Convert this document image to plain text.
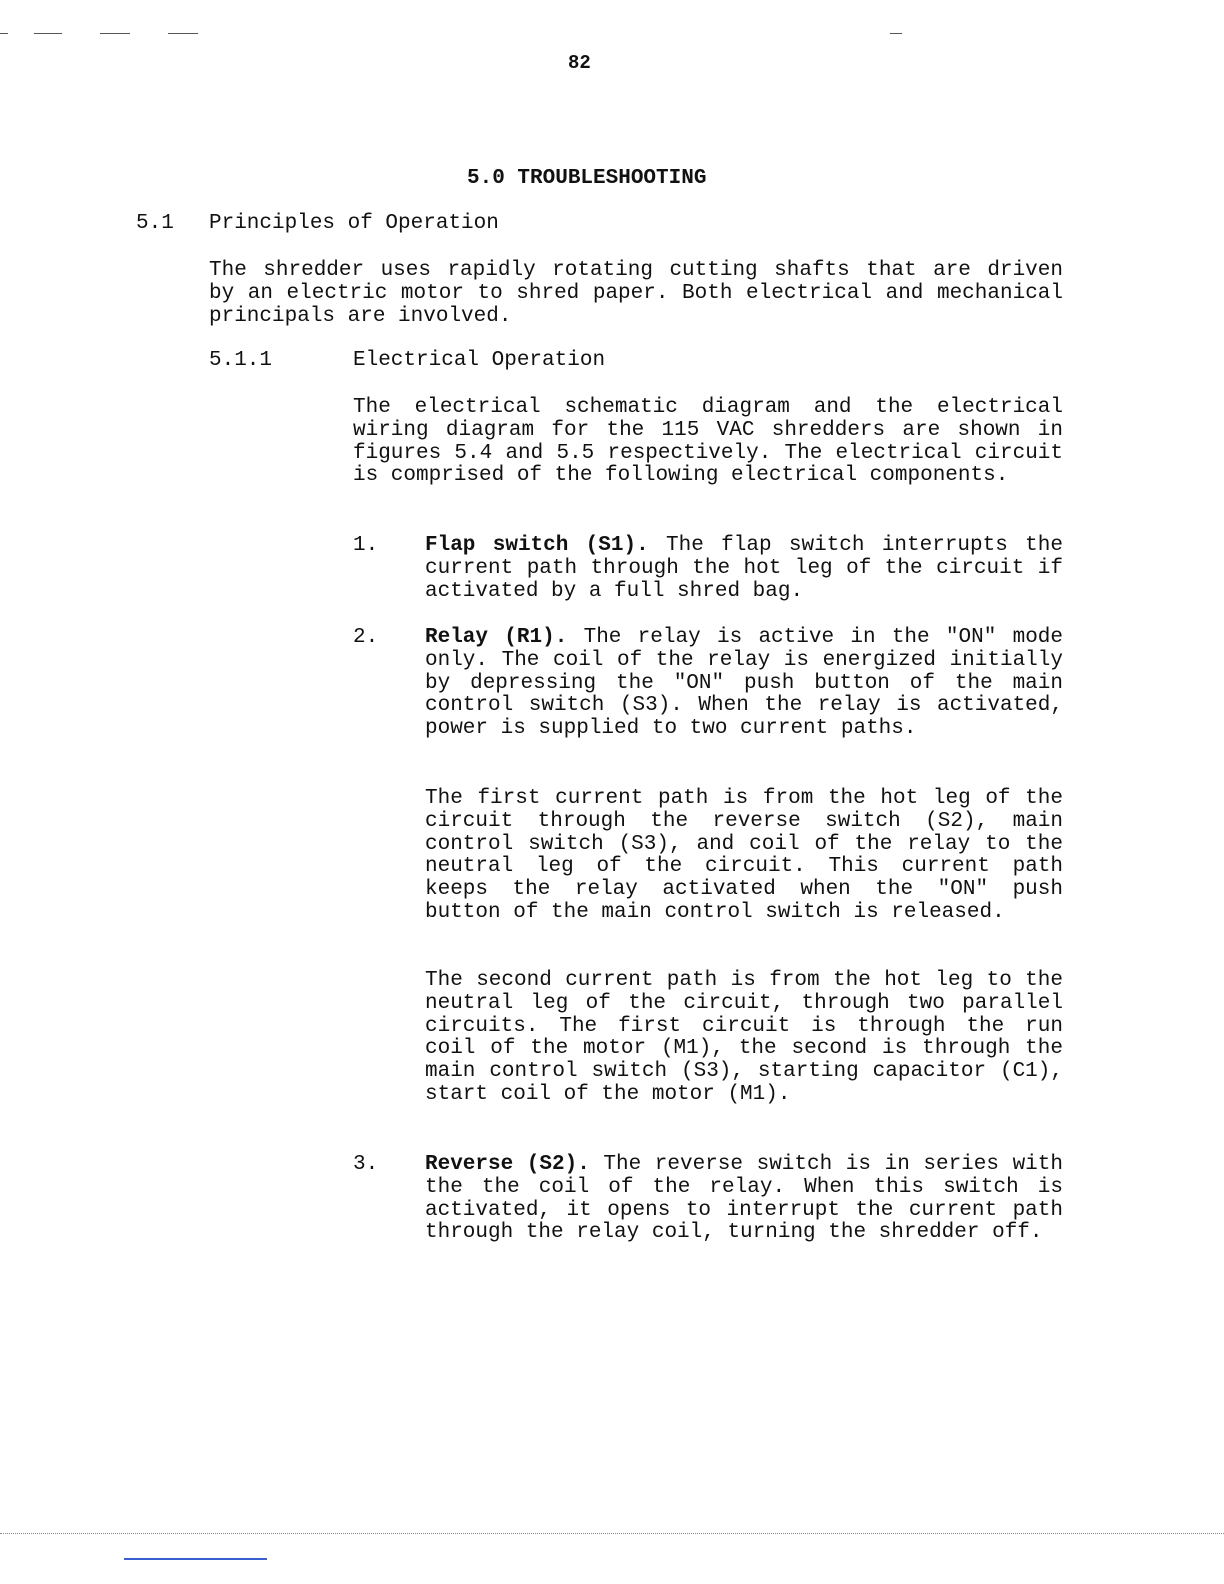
82
5.0 TROUBLESHOOTING
5.1 Principles of Operation
The shredder uses rapidly rotating cutting shafts that are driven by an electric motor to shred paper. Both electrical and mechanical principals are involved.
5.1.1	Electrical Operation
The electrical schematic diagram and the electrical wiring diagram for the 115 VAC shredders are shown in figures 5.4 and 5.5 respectively. The electrical circuit is comprised of the following electrical components.
1. Flap switch (S1). The flap switch interrupts the current path through the hot leg of the circuit if activated by a full shred bag.
2. Relay (R1). The relay is active in the "ON" mode only. The coil of the relay is energized initially by depressing the "ON" push button of the main control switch (S3). When the relay is activated, power is supplied to two current paths.
The first current path is from the hot leg of the circuit through the reverse switch (S2), main control switch (S3), and coil of the relay to the neutral leg of the circuit. This current path keeps the relay activated when the "ON" push button of the main control switch is released.
The second current path is from the hot leg to the neutral leg of the circuit, through two parallel circuits. The first circuit is through the run coil of the motor (M1), the second is through the main control switch (S3), starting capacitor (C1), start coil of the motor (M1).
3. Reverse (S2). The reverse switch is in series with the the coil of the relay. When this switch is activated, it opens to interrupt the current path through the relay coil, turning the shredder off.
